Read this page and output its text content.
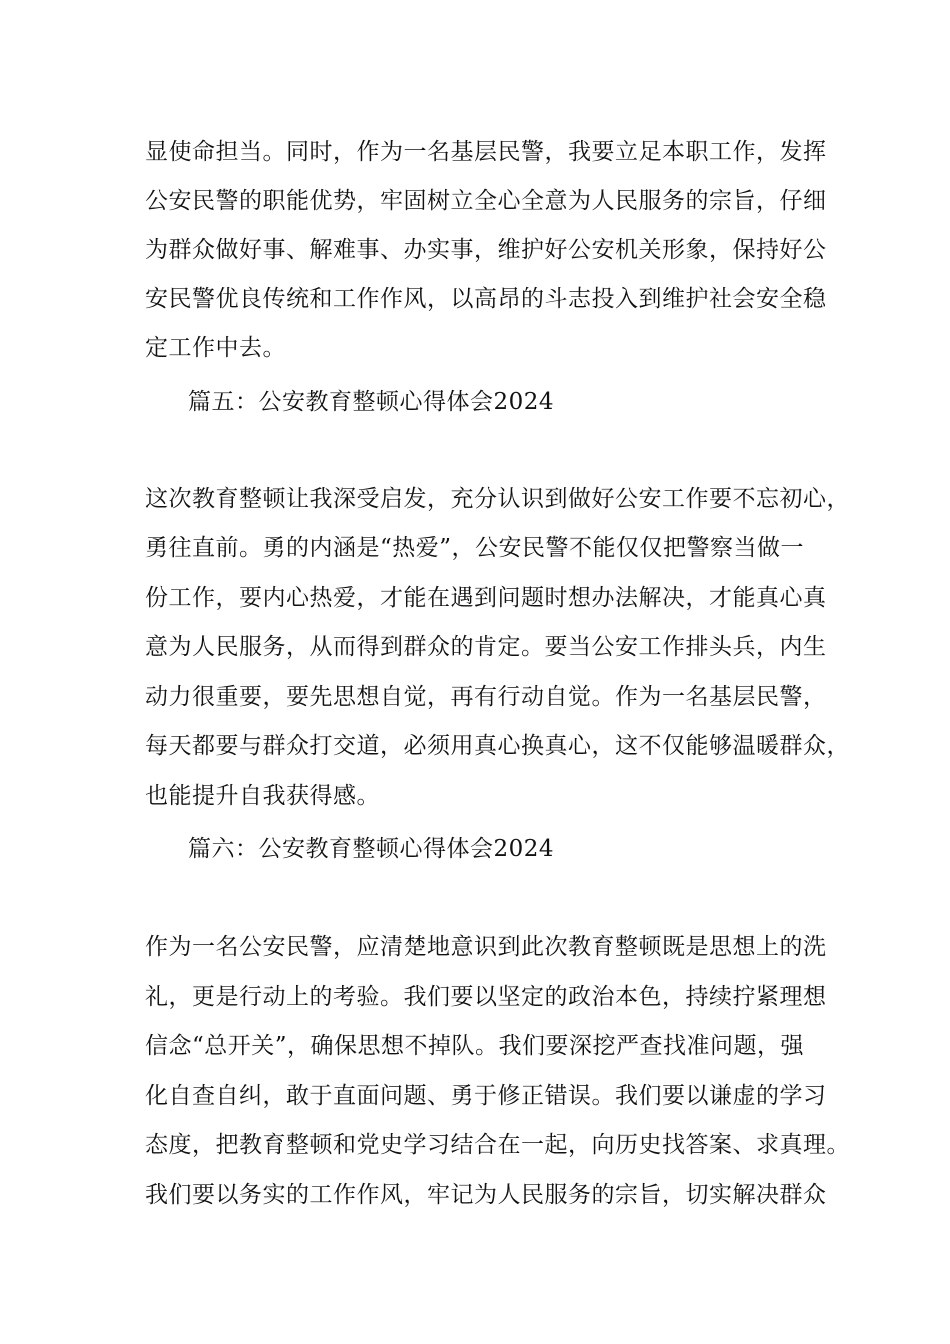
显使命担当。同时，作为一名基层民警，我要立足本职工作，发挥
公安民警的职能优势，牢固树立全心全意为人民服务的宗旨，仔细
为群众做好事、解难事、办实事，维护好公安机关形象，保持好公
安民警优良传统和工作作风，以高昂的斗志投入到维护社会安全稳
定工作中去。
篇五：公安教育整顿心得体会2024
这次教育整顿让我深受启发，充分认识到做好公安工作要不忘初心，
勇往直前。勇的内涵是“热爱”，公安民警不能仅仅把警察当做一
份工作，要内心热爱，才能在遇到问题时想办法解决，才能真心真
意为人民服务，从而得到群众的肯定。要当公安工作排头兵，内生
动力很重要，要先思想自觉，再有行动自觉。作为一名基层民警，
每天都要与群众打交道，必须用真心换真心，这不仅能够温暖群众，
也能提升自我获得感。
篇六：公安教育整顿心得体会2024
作为一名公安民警，应清楚地意识到此次教育整顿既是思想上的洗
礼，更是行动上的考验。我们要以坚定的政治本色，持续拧紧理想
信念“总开关”，确保思想不掉队。我们要深挖严查找准问题，强
化自查自纠，敢于直面问题、勇于修正错误。我们要以谦虚的学习
态度，把教育整顿和党史学习结合在一起，向历史找答案、求真理。
我们要以务实的工作作风，牢记为人民服务的宗旨，切实解决群众
